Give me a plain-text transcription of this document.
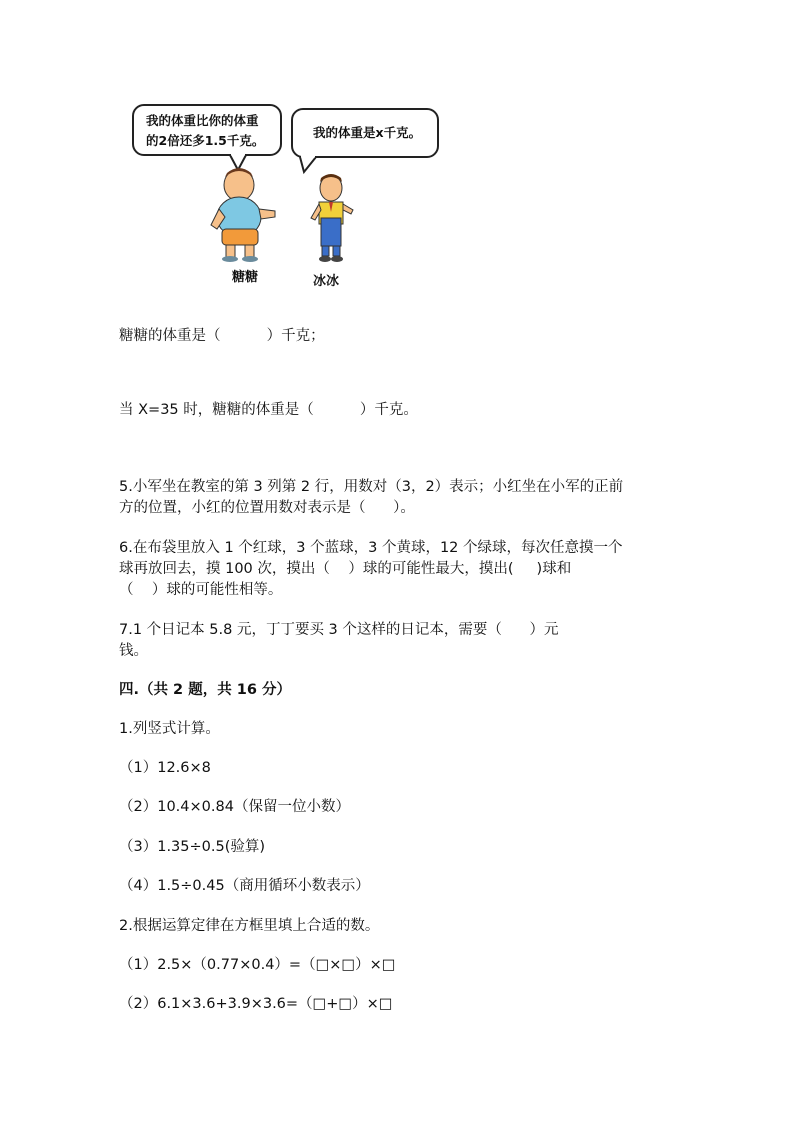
我的体重比你的体重
的2倍还多1.5千克。
我的体重是x千克。
糖糖	冰冰
糖糖的体重是（          ）千克；
当 X=35 时，糖糖的体重是（          ）千克。
5.小军坐在教室的第 3 列第 2 行，用数对（3，2）表示；小红坐在小军的正前
方的位置，小红的位置用数对表示是（      ）。
6.在布袋里放入 1 个红球，3 个蓝球，3 个黄球，12 个绿球，每次任意摸一个
球再放回去，摸 100 次，摸出（    ）球的可能性最大，摸出(     )球和
（    ）球的可能性相等。
7.1 个日记本 5.8 元，丁丁要买 3 个这样的日记本，需要（      ）元
钱。
四.（共 2 题，共 16 分）
1.列竖式计算。
（1）12.6×8
（2）10.4×0.84（保留一位小数）
（3）1.35÷0.5(验算)
（4）1.5÷0.45（商用循环小数表示）
2.根据运算定律在方框里填上合适的数。
（1）2.5×（0.77×0.4）=（□×□）×□
（2）6.1×3.6+3.9×3.6=（□+□）×□
